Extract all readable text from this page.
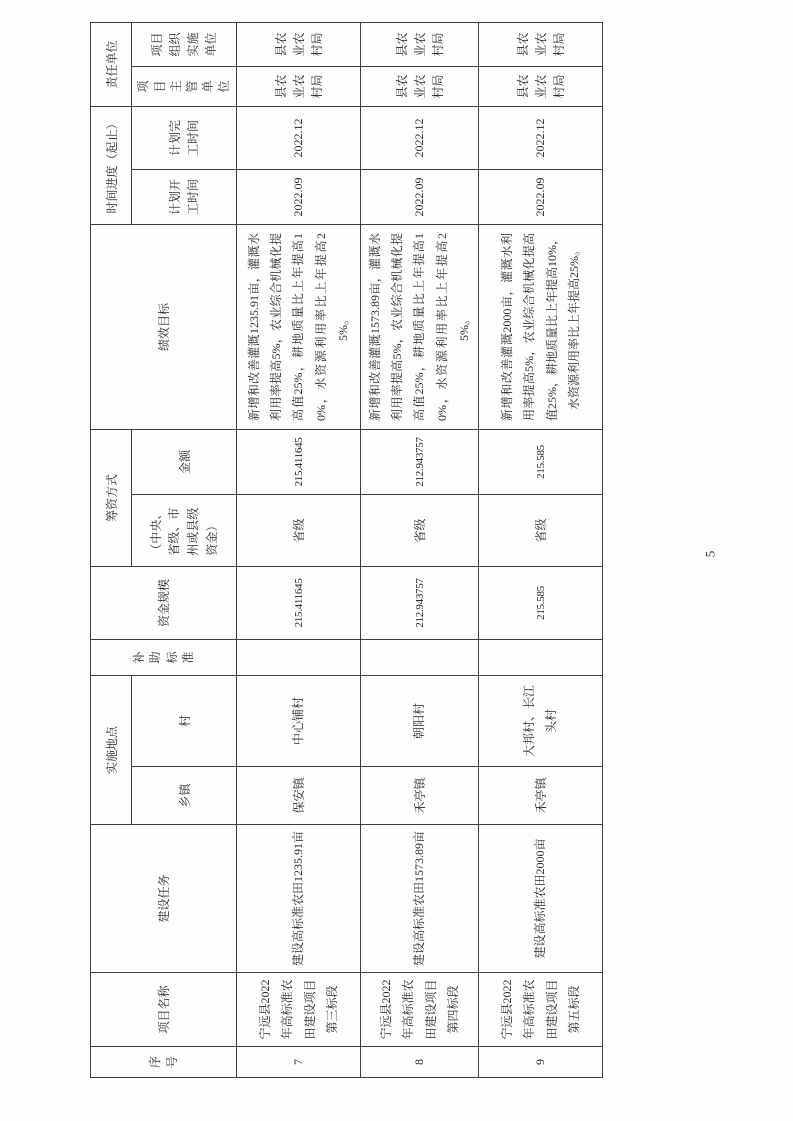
序号	项目名称	建设任务	实施地点		补助标准	资金规模	筹资方式		绩效目标	时间进度（起止）		责任单位	
			乡镇	村			（中央、省级、市州或县级资金）	金额		计划开工时间	计划完工时间	项目主管单位	项目组织实施单位

7	宁远县2022年高标准农田建设项目第三标段	建设高标准农田1235.91亩	保安镇	中心铺村		215.411645	省级	215.411645	新增和改善灌溉1235.91亩，灌溉水利用率提高5%，农业综合机械化提高值25%，耕地质量比上年提高10%，水资源利用率比上年提高25%。	2022.09	2022.12	县农业农村局	县农业农村局

8	宁远县2022年高标准农田建设项目第四标段	建设高标准农田1573.89亩	禾亭镇	朝阳村		212.943757	省级	212.943757	新增和改善灌溉1573.89亩，灌溉水利用率提高5%，农业综合机械化提高值25%，耕地质量比上年提高10%，水资源利用率比上年提高25%。	2022.09	2022.12	县农业农村局	县农业农村局

9	宁远县2022年高标准农田建设项目第五标段	建设高标准农田2000亩	禾亭镇	大邦村、长江头村		215.585	省级	215.585	新增和改善灌溉2000亩，灌溉水利用率提高5%，农业综合机械化提高值25%，耕地质量比上年提高10%，水资源利用率比上年提高25%。	2022.09	2022.12	县农业农村局	县农业农村局
5
